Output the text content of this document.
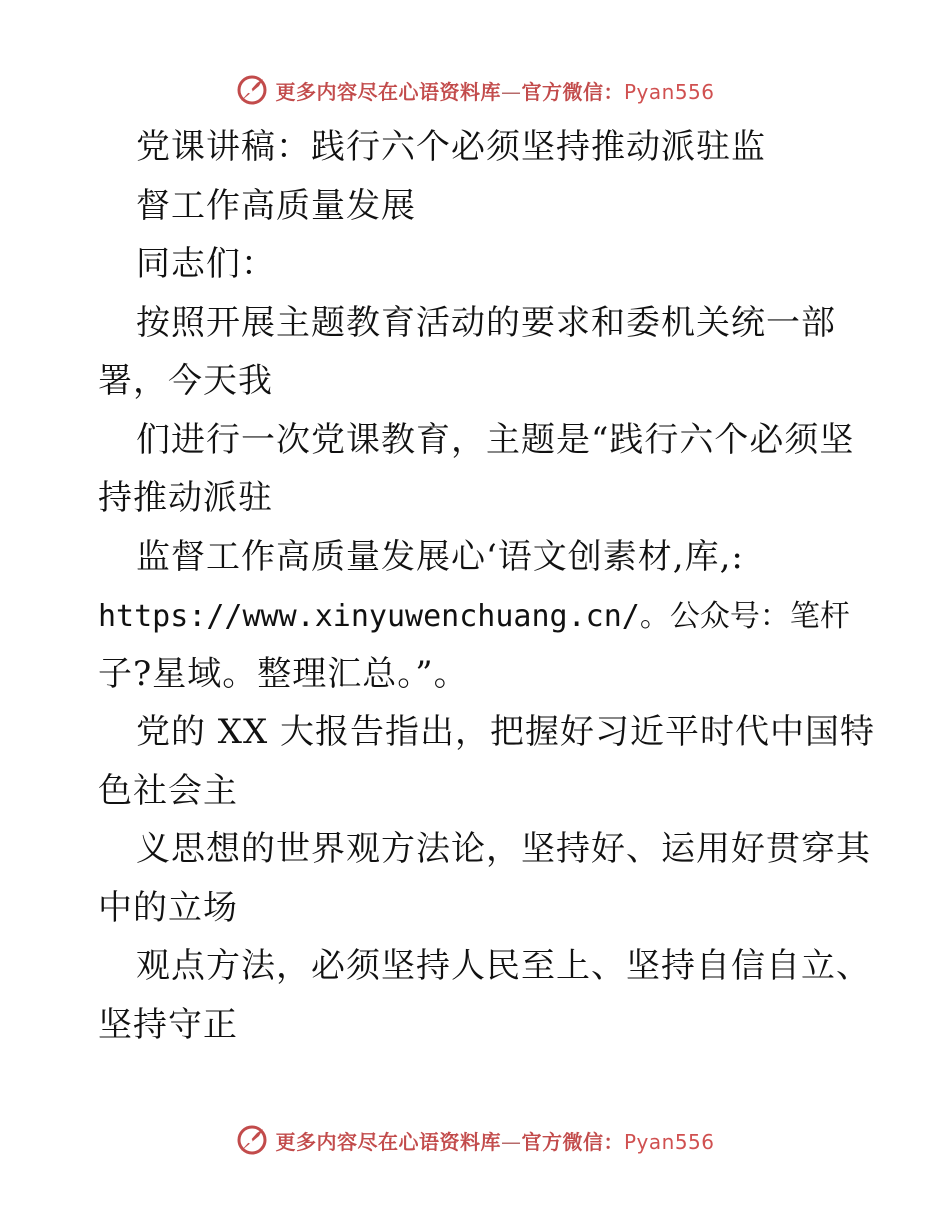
更多内容尽在心语资料库—官方微信：Pyan556
党课讲稿：践行六个必须坚持推动派驻监
督工作高质量发展
同志们：
按照开展主题教育活动的要求和委机关统一部
署，今天我
们进行一次党课教育，主题是“践行六个必须坚
持推动派驻
监督工作高质量发展心‘语文创素材,库,:
https://www.xinyuwenchuang.cn/。公众号：笔杆
子?星域。整理汇总。”。
党的 XX 大报告指出，把握好习近平时代中国特
色社会主
义思想的世界观方法论，坚持好、运用好贯穿其
中的立场
观点方法，必须坚持人民至上、坚持自信自立、
坚持守正
更多内容尽在心语资料库—官方微信：Pyan556
